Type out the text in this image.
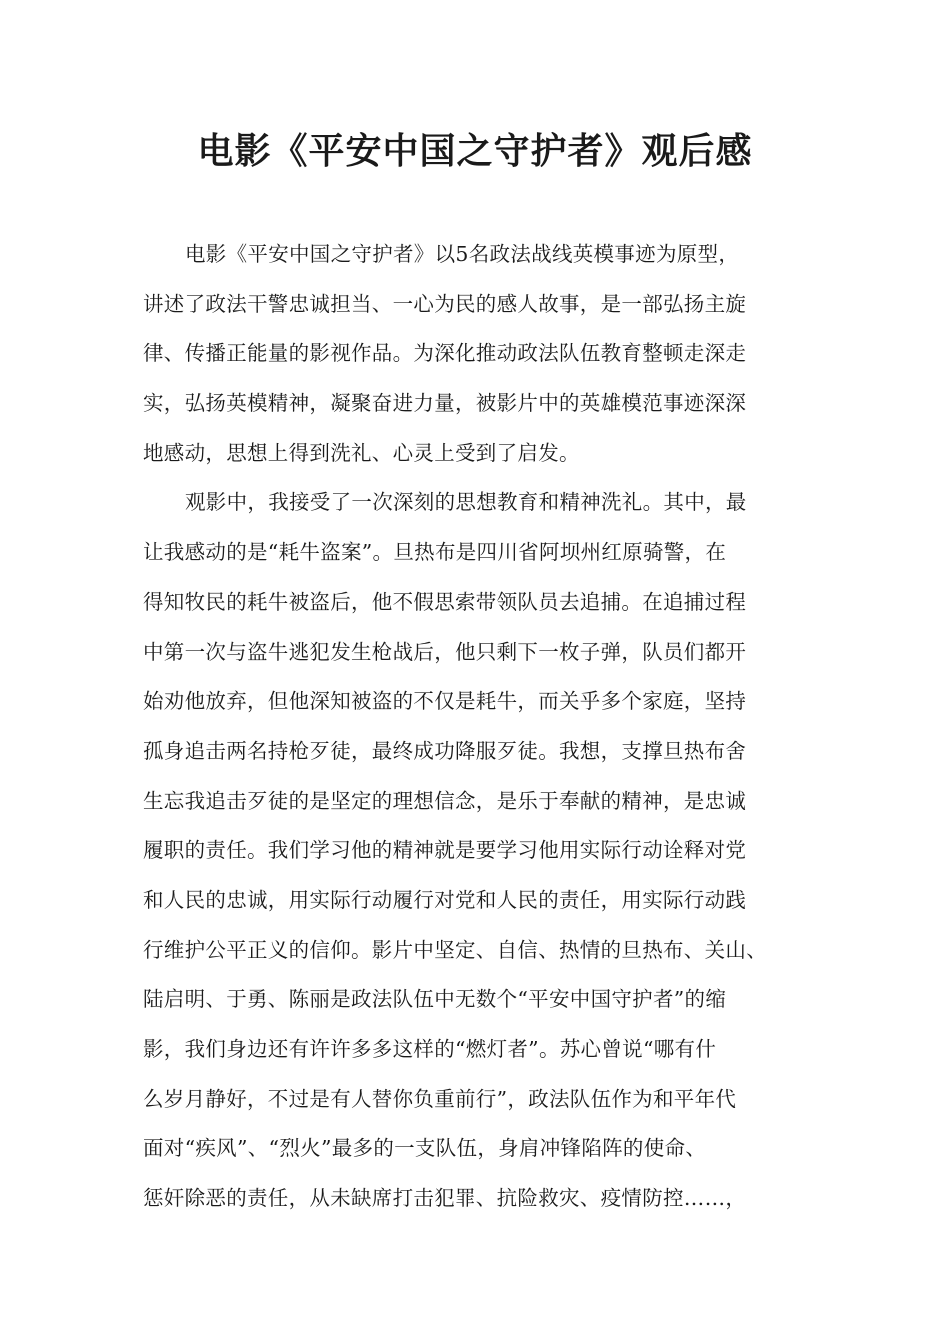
电影《平安中国之守护者》观后感
电影《平安中国之守护者》以5名政法战线英模事迹为原型，
讲述了政法干警忠诚担当、一心为民的感人故事，是一部弘扬主旋
律、传播正能量的影视作品。为深化推动政法队伍教育整顿走深走
实，弘扬英模精神，凝聚奋进力量，被影片中的英雄模范事迹深深
地感动，思想上得到洗礼、心灵上受到了启发。
观影中，我接受了一次深刻的思想教育和精神洗礼。其中，最
让我感动的是“耗牛盗案”。旦热布是四川省阿坝州红原骑警，在
得知牧民的耗牛被盗后，他不假思索带领队员去追捕。在追捕过程
中第一次与盗牛逃犯发生枪战后，他只剩下一枚子弹，队员们都开
始劝他放弃，但他深知被盗的不仅是耗牛，而关乎多个家庭，坚持
孤身追击两名持枪歹徒，最终成功降服歹徒。我想，支撑旦热布舍
生忘我追击歹徒的是坚定的理想信念，是乐于奉献的精神，是忠诚
履职的责任。我们学习他的精神就是要学习他用实际行动诠释对党
和人民的忠诚，用实际行动履行对党和人民的责任，用实际行动践
行维护公平正义的信仰。影片中坚定、自信、热情的旦热布、关山、
陆启明、于勇、陈丽是政法队伍中无数个“平安中国守护者”的缩
影，我们身边还有许许多多这样的“燃灯者”。苏心曾说“哪有什
么岁月静好，不过是有人替你负重前行”，政法队伍作为和平年代
面对“疾风”、“烈火”最多的一支队伍，身肩冲锋陷阵的使命、
惩奸除恶的责任，从未缺席打击犯罪、抗险救灾、疫情防控……，
